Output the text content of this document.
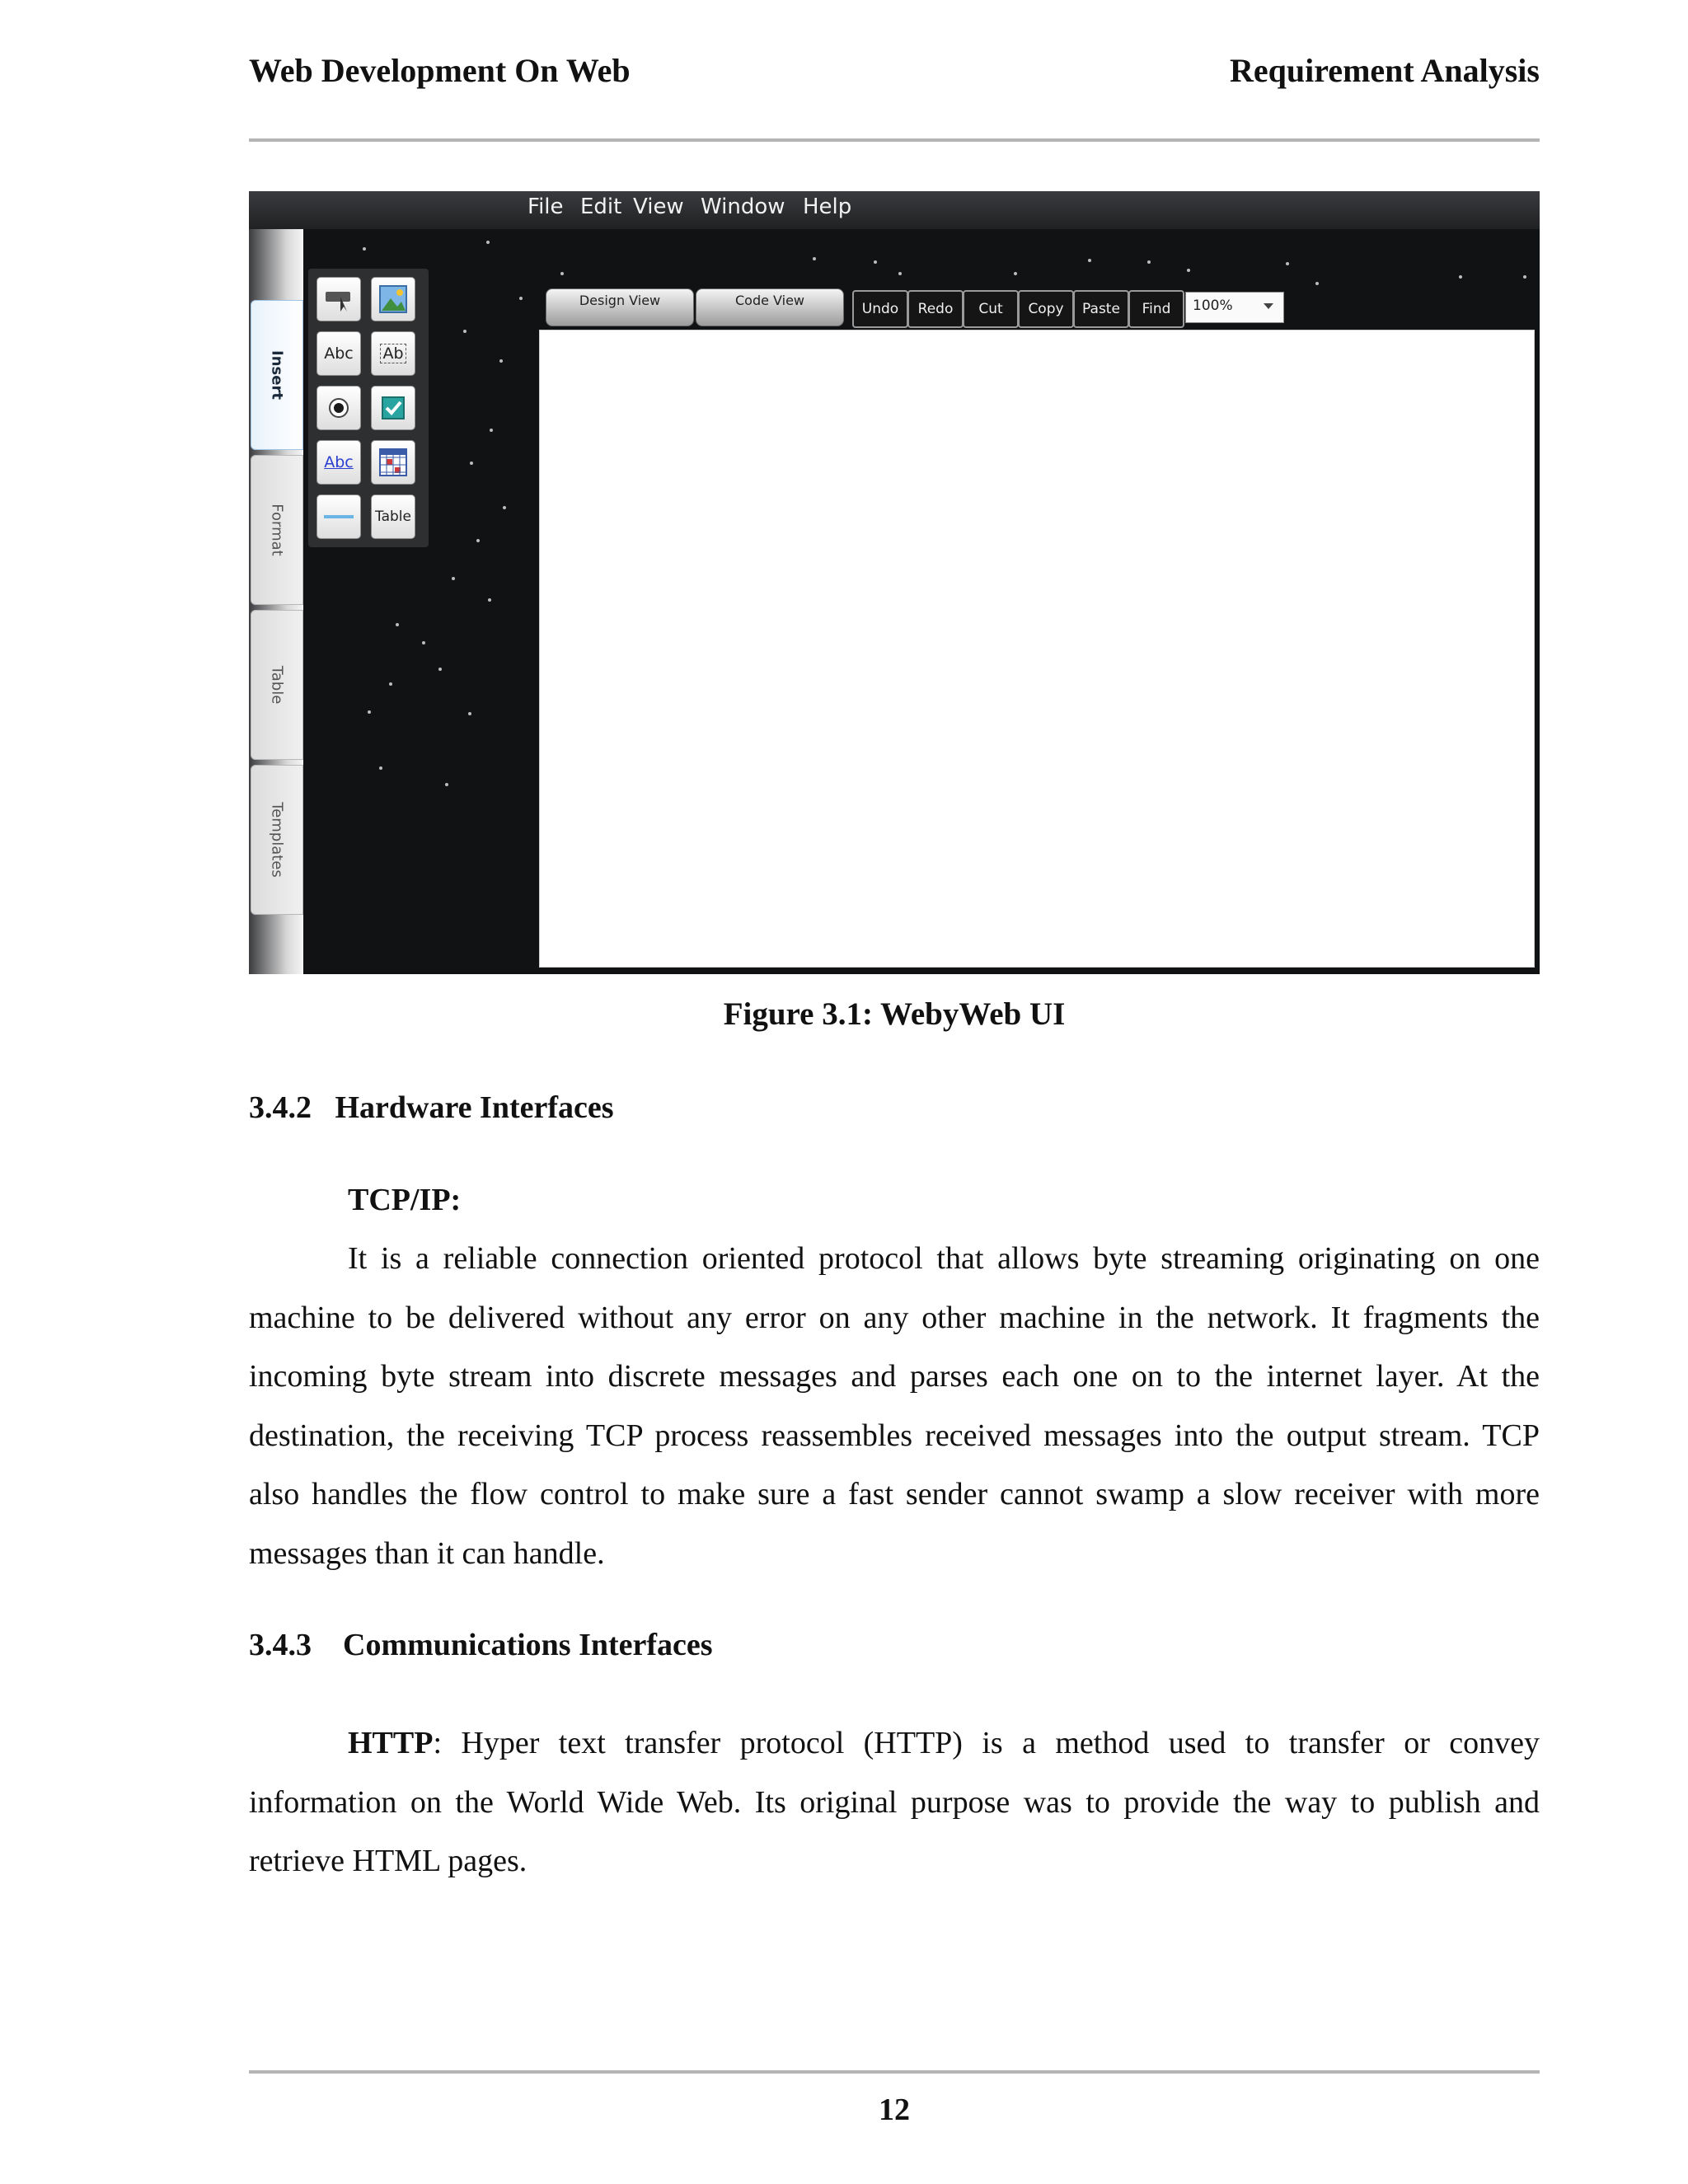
Web Development On Web	Requirement Analysis
File Edit View Window Help
Insert
Format
Table
Templates
Abc Ab
Abc
Table
Design View	Code View
Undo	Redo	Cut	Copy	Paste	Find	100%
Figure 3.1: WebyWeb UI
3.4.2 Hardware Interfaces
TCP/IP:
It is a reliable connection oriented protocol that allows byte streaming originating on one machine to be delivered without any error on any other machine in the network. It fragments the incoming byte stream into discrete messages and parses each one on to the internet layer. At the destination, the receiving TCP process reassembles received messages into the output stream. TCP also handles the flow control to make sure a fast sender cannot swamp a slow receiver with more messages than it can handle.
3.4.3 Communications Interfaces
HTTP: Hyper text transfer protocol (HTTP) is a method used to transfer or convey information on the World Wide Web. Its original purpose was to provide the way to publish and retrieve HTML pages.
12
